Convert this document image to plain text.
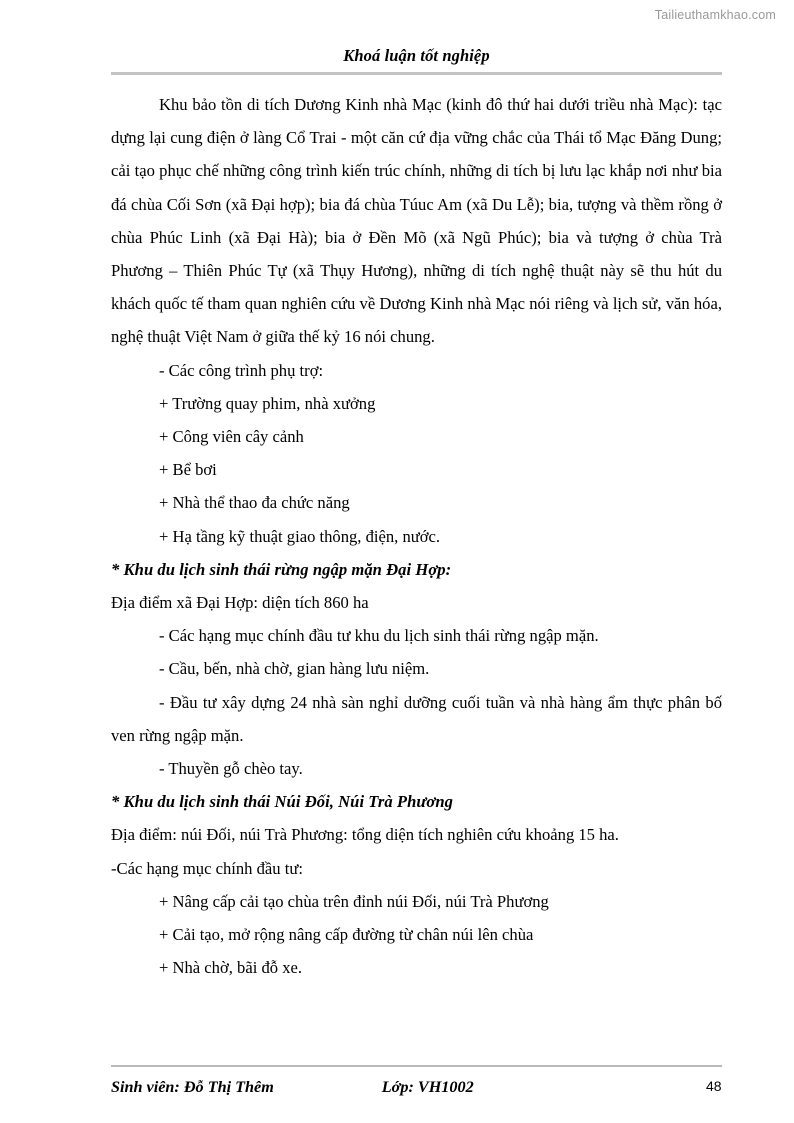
Tailieuthamkhao.com
Khoá luận tốt nghiệp

Khu bảo tồn di tích Dương Kinh nhà Mạc (kinh đô thứ hai dưới triều nhà Mạc): tạc dựng lại cung điện ở làng Cổ Trai - một căn cứ địa vững chắc của Thái tổ Mạc Đăng Dung; cải tạo phục chế những công trình kiến trúc chính, những di tích bị lưu lạc khắp nơi như bia đá chùa Cối Sơn (xã Đại hợp); bia đá chùa Túuc Am (xã Du Lễ); bia, tượng và thềm rồng ở chùa Phúc Linh (xã Đại Hà); bia ở Đền Mõ (xã Ngũ Phúc); bia và tượng ở chùa Trà Phương – Thiên Phúc Tự (xã Thụy Hương), những di tích nghệ thuật này sẽ thu hút du khách quốc tế tham quan nghiên cứu về Dương Kinh nhà Mạc nói riêng và lịch sử, văn hóa, nghệ thuật Việt Nam ở giữa thế kỷ 16 nói chung.

- Các công trình phụ trợ:

+ Trường quay phim, nhà xưởng

+ Công viên cây cảnh

+ Bể bơi

+ Nhà thể thao đa chức năng

+ Hạ tầng kỹ thuật giao thông, điện, nước.

* Khu du lịch sinh thái rừng ngập mặn Đại Hợp:

Địa điểm xã Đại Hợp: diện tích 860 ha

- Các hạng mục chính đầu tư khu du lịch sinh thái rừng ngập mặn.

- Cầu, bến, nhà chờ, gian hàng lưu niệm.

- Đầu tư xây dựng 24 nhà sàn nghỉ dưỡng cuối tuần và nhà hàng ẩm thực phân bố ven rừng ngập mặn.

- Thuyền gỗ chèo tay.

* Khu du lịch sinh thái Núi Đối, Núi Trà Phương

Địa điểm: núi Đối, núi Trà Phương: tổng diện tích nghiên cứu khoảng 15 ha.

-Các hạng mục chính đầu tư:

+ Nâng cấp cải tạo chùa trên đỉnh núi Đối, núi Trà Phương

+ Cải tạo, mở rộng nâng cấp đường từ chân núi lên chùa

+ Nhà chờ, bãi đỗ xe.

Sinh viên: Đỗ Thị Thêm	Lớp: VH1002	48
